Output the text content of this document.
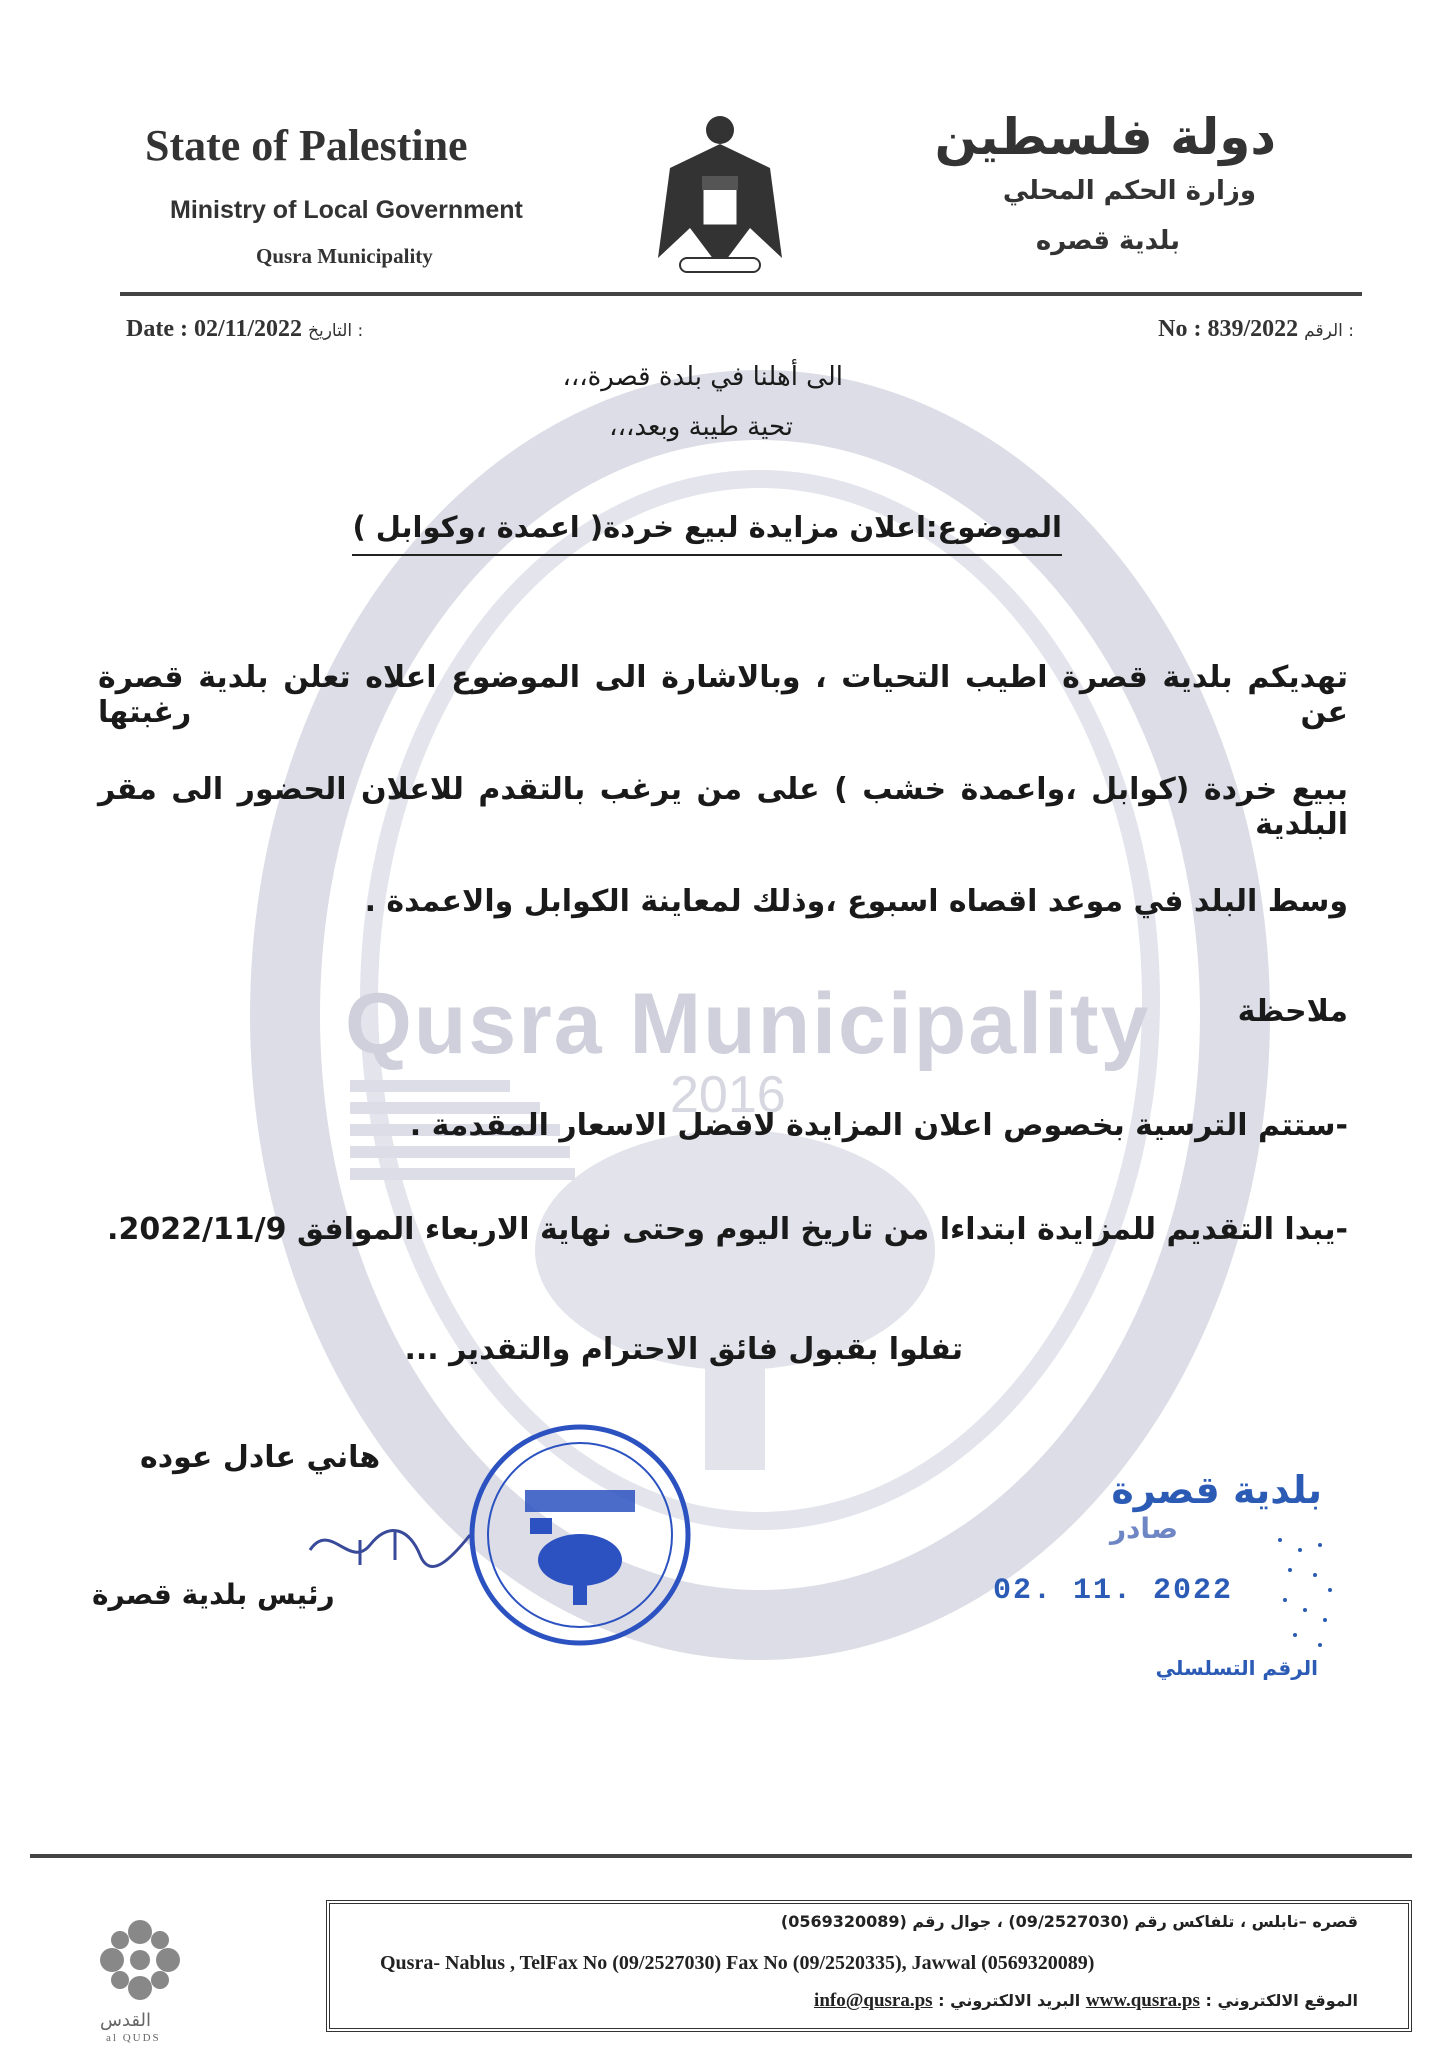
Qusra Municipality
2016
State of Palestine
Ministry of Local Government
Qusra Municipality
دولة فلسطين
وزارة الحكم المحلي
بلدية قصره
Date : 02/11/2022 التاريخ :	No : 839/2022 الرقم :
الى أهلنا في بلدة قصرة،،،
تحية طيبة وبعد،،،
الموضوع:اعلان مزايدة لبيع خردة( اعمدة ،وكوابل )
تهديكم بلدية قصرة اطيب التحيات ، وبالاشارة الى الموضوع اعلاه تعلن بلدية قصرة عن رغبتها
ببيع خردة (كوابل ،واعمدة خشب ) على من يرغب بالتقدم للاعلان الحضور الى مقر البلدية
وسط البلد في موعد اقصاه اسبوع ،وذلك لمعاينة الكوابل والاعمدة .
ملاحظة
-ستتم الترسية بخصوص اعلان المزايدة لافضل الاسعار المقدمة .
-يبدا التقديم للمزايدة ابتداءا من تاريخ اليوم وحتى نهاية الاربعاء الموافق 2022/11/9.
تفلوا بقبول فائق الاحترام والتقدير ...
هاني عادل عوده
رئيس بلدية قصرة
بلدية قصرة
صادر
02. 11. 2022
الرقم التسلسلي
القدس
al QUDS
قصره –نابلس ، تلفاكس رقم (09/2527030) ، جوال رقم (0569320089)
Qusra- Nablus , TelFax No (09/2527030) Fax No (09/2520335), Jawwal (0569320089)
الموقع الالكتروني : www.qusra.ps البريد الالكتروني : info@qusra.ps
